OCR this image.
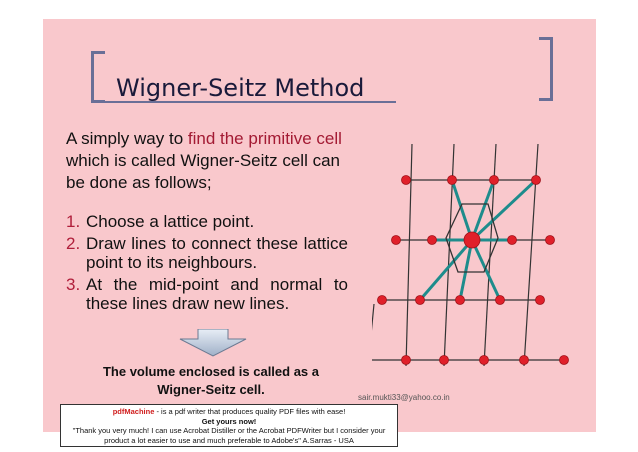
Wigner-Seitz Method
A simply way to find the primitive cell which is called Wigner-Seitz cell can be done as follows;
1. Choose a lattice point.
2. Draw lines to connect these lattice point to its neighbours.
3. At the mid-point and normal to these lines draw new lines.
The volume enclosed is called as a Wigner-Seitz cell.
sair.mukti33@yahoo.co.in
pdfMachine - is a pdf writer that produces quality PDF files with ease!
Get yours now!
"Thank you very much! I can use Acrobat Distiller or the Acrobat PDFWriter but I consider your product a lot easier to use and much preferable to Adobe's" A.Sarras - USA
